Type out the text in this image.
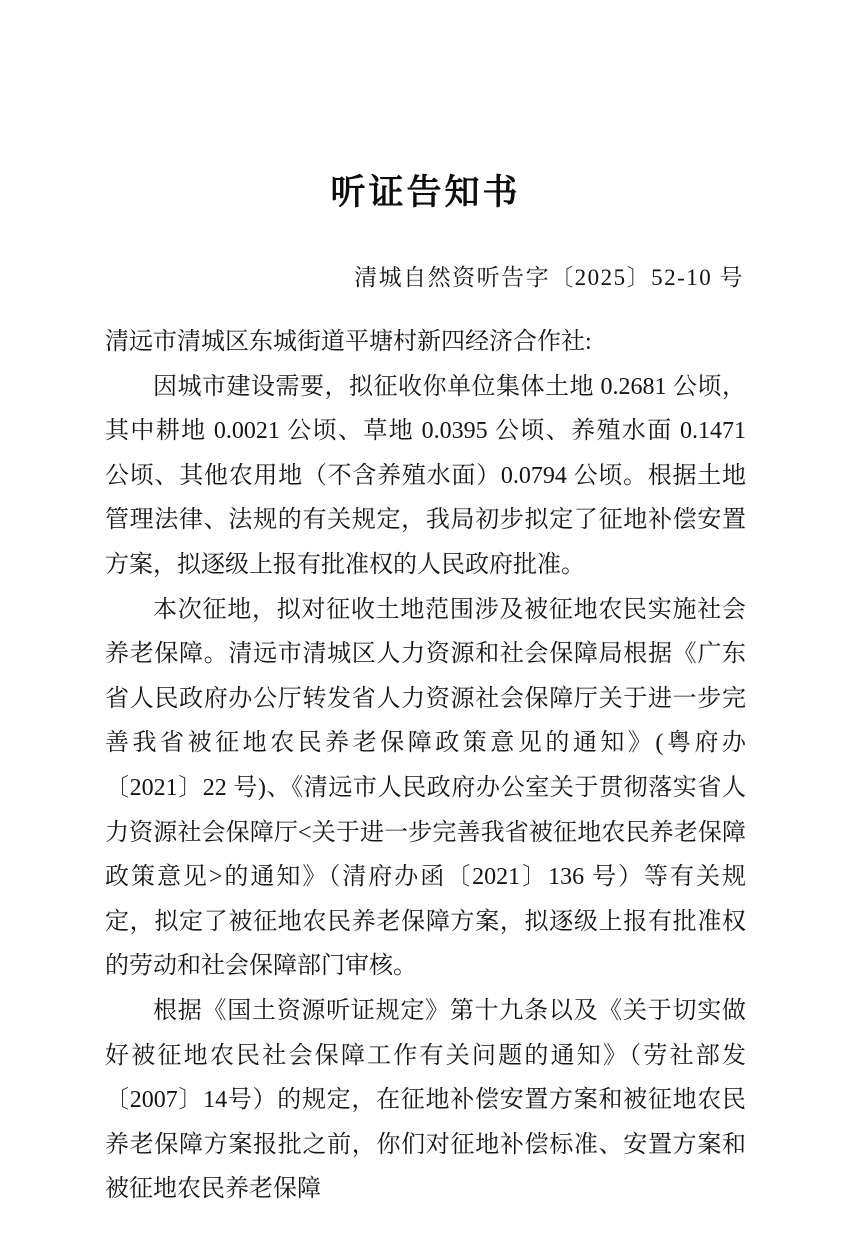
听证告知书
清城自然资听告字〔2025〕52-10 号

清远市清城区东城街道平塘村新四经济合作社:

因城市建设需要，拟征收你单位集体土地 0.2681 公顷，其中耕地 0.0021 公顷、草地 0.0395 公顷、养殖水面 0.1471 公顷、其他农用地（不含养殖水面）0.0794 公顷。根据土地管理法律、法规的有关规定，我局初步拟定了征地补偿安置方案，拟逐级上报有批准权的人民政府批准。

本次征地，拟对征收土地范围涉及被征地农民实施社会养老保障。清远市清城区人力资源和社会保障局根据《广东省人民政府办公厅转发省人力资源社会保障厅关于进一步完善我省被征地农民养老保障政策意见的通知》(粤府办〔2021〕22 号)、《清远市人民政府办公室关于贯彻落实省人力资源社会保障厅<关于进一步完善我省被征地农民养老保障政策意见>的通知》（清府办函〔2021〕136 号）等有关规定，拟定了被征地农民养老保障方案，拟逐级上报有批准权的劳动和社会保障部门审核。

根据《国土资源听证规定》第十九条以及《关于切实做好被征地农民社会保障工作有关问题的通知》（劳社部发〔2007〕14号）的规定，在征地补偿安置方案和被征地农民养老保障方案报批之前，你们对征地补偿标准、安置方案和被征地农民养老保障
